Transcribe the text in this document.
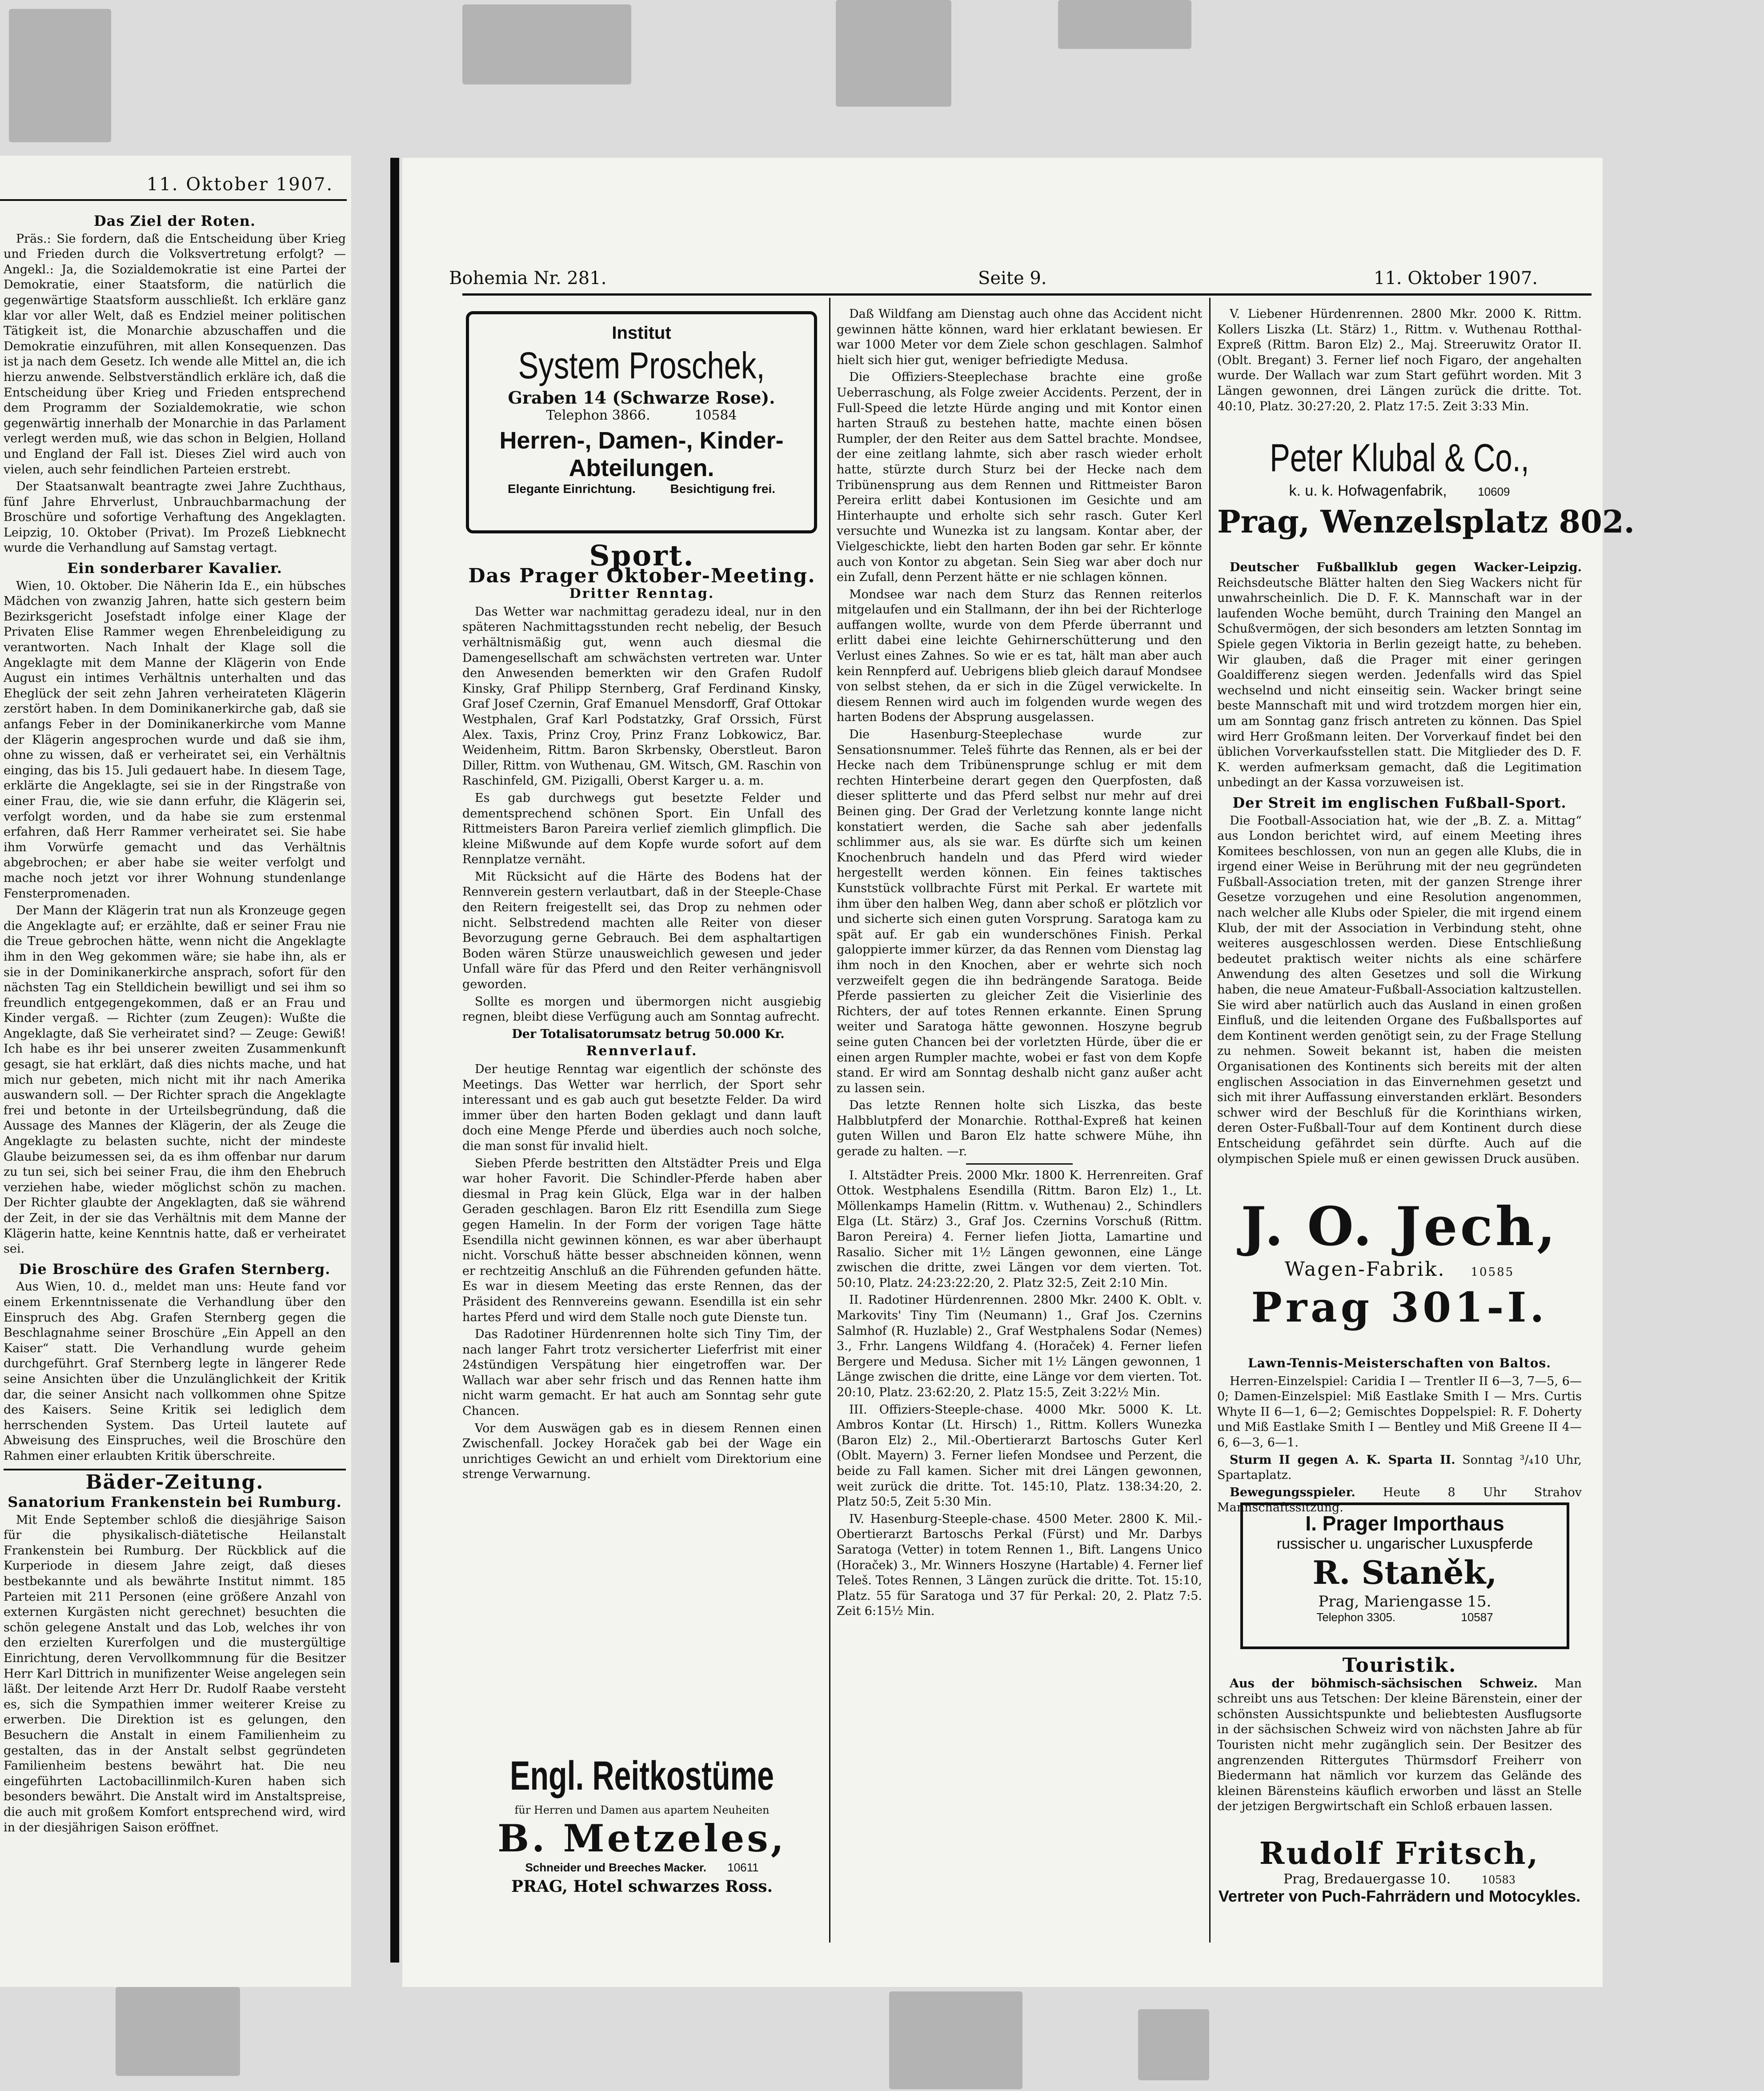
11. Oktober 1907.
Das Ziel der Roten.

Präs.: Sie fordern, daß die Entscheidung über Krieg und Frieden durch die Volksvertretung erfolgt? — Angekl.: Ja, die Sozialdemokratie ist eine Partei der Demokratie, einer Staatsform, die natürlich die gegenwärtige Staatsform ausschließt. Ich erkläre ganz klar vor aller Welt, daß es Endziel meiner politischen Tätigkeit ist, die Monarchie abzuschaffen und die Demokratie einzuführen, mit allen Konsequenzen. Das ist ja nach dem Gesetz. Ich wende alle Mittel an, die ich hierzu anwende. Selbstverständlich erkläre ich, daß die Entscheidung über Krieg und Frieden entsprechend dem Programm der Sozialdemokratie, wie schon gegenwärtig innerhalb der Monarchie in das Parlament verlegt werden muß, wie das schon in Belgien, Holland und England der Fall ist. Dieses Ziel wird auch von vielen, auch sehr feindlichen Parteien erstrebt.

Der Staatsanwalt beantragte zwei Jahre Zuchthaus, fünf Jahre Ehrverlust, Unbrauchbarmachung der Broschüre und sofortige Verhaftung des Angeklagten. Leipzig, 10. Oktober (Privat). Im Prozeß Liebknecht wurde die Verhandlung auf Samstag vertagt.

Ein sonderbarer Kavalier.

Wien, 10. Oktober. Die Näherin Ida E., ein hübsches Mädchen von zwanzig Jahren, hatte sich gestern beim Bezirksgericht Josefstadt infolge einer Klage der Privaten Elise Rammer wegen Ehrenbeleidigung zu verantworten. Nach Inhalt der Klage soll die Angeklagte mit dem Manne der Klägerin von Ende August ein intimes Verhältnis unterhalten und das Eheglück der seit zehn Jahren verheirateten Klägerin zerstört haben. In dem Dominikanerkirche gab, daß sie anfangs Feber in der Dominikanerkirche vom Manne der Klägerin angesprochen wurde und daß sie ihm, ohne zu wissen, daß er verheiratet sei, ein Verhältnis einging, das bis 15. Juli gedauert habe. In diesem Tage, erklärte die Angeklagte, sei sie in der Ringstraße von einer Frau, die, wie sie dann erfuhr, die Klägerin sei, verfolgt worden, und da habe sie zum erstenmal erfahren, daß Herr Rammer verheiratet sei. Sie habe ihm Vorwürfe gemacht und das Verhältnis abgebrochen; er aber habe sie weiter verfolgt und mache noch jetzt vor ihrer Wohnung stundenlange Fensterpromenaden.

Der Mann der Klägerin trat nun als Kronzeuge gegen die Angeklagte auf; er erzählte, daß er seiner Frau nie die Treue gebrochen hätte, wenn nicht die Angeklagte ihm in den Weg gekommen wäre; sie habe ihn, als er sie in der Dominikanerkirche ansprach, sofort für den nächsten Tag ein Stelldichein bewilligt und sei ihm so freundlich entgegengekommen, daß er an Frau und Kinder vergaß. — Richter (zum Zeugen): Wußte die Angeklagte, daß Sie verheiratet sind? — Zeuge: Gewiß! Ich habe es ihr bei unserer zweiten Zusammenkunft gesagt, sie hat erklärt, daß dies nichts mache, und hat mich nur gebeten, mich nicht mit ihr nach Amerika auswandern soll. — Der Richter sprach die Angeklagte frei und betonte in der Urteilsbegründung, daß die Aussage des Mannes der Klägerin, der als Zeuge die Angeklagte zu belasten suchte, nicht der mindeste Glaube beizumessen sei, da es ihm offenbar nur darum zu tun sei, sich bei seiner Frau, die ihm den Ehebruch verziehen habe, wieder möglichst schön zu machen. Der Richter glaubte der Angeklagten, daß sie während der Zeit, in der sie das Verhältnis mit dem Manne der Klägerin hatte, keine Kenntnis hatte, daß er verheiratet sei.

Die Broschüre des Grafen Sternberg.

Aus Wien, 10. d., meldet man uns: Heute fand vor einem Erkenntnissenate die Verhandlung über den Einspruch des Abg. Grafen Sternberg gegen die Beschlagnahme seiner Broschüre „Ein Appell an den Kaiser“ statt. Die Verhandlung wurde geheim durchgeführt. Graf Sternberg legte in längerer Rede seine Ansichten über die Unzulänglichkeit der Kritik dar, die seiner Ansicht nach vollkommen ohne Spitze des Kaisers. Seine Kritik sei lediglich dem herrschenden System. Das Urteil lautete auf Abweisung des Einspruches, weil die Broschüre den Rahmen einer erlaubten Kritik überschreite.

Bäder-Zeitung.
Sanatorium Frankenstein bei Rumburg.

Mit Ende September schloß die diesjährige Saison für die physikalisch-diätetische Heilanstalt Frankenstein bei Rumburg. Der Rückblick auf die Kurperiode in diesem Jahre zeigt, daß dieses bestbekannte und als bewährte Institut nimmt. 185 Parteien mit 211 Personen (eine größere Anzahl von externen Kurgästen nicht gerechnet) besuchten die schön gelegene Anstalt und das Lob, welches ihr von den erzielten Kurerfolgen und die mustergültige Einrichtung, deren Vervollkommnung für die Besitzer Herr Karl Dittrich in munifizenter Weise angelegen sein läßt. Der leitende Arzt Herr Dr. Rudolf Raabe versteht es, sich die Sympathien immer weiterer Kreise zu erwerben. Die Direktion ist es gelungen, den Besuchern die Anstalt in einem Familienheim zu gestalten, das in der Anstalt selbst gegründeten Familienheim bestens bewährt hat. Die neu eingeführten Lactobacillinmilch-Kuren haben sich besonders bewährt. Die Anstalt wird im Anstaltspreise, die auch mit großem Komfort entsprechend wird, wird in der diesjährigen Saison eröffnet.

Bohemia Nr. 281.	Seite 9.	11. Oktober 1907.
Institut
System Proschek,
Graben 14 (Schwarze Rose).
Telephon 3866.	10584
Herren-, Damen-, Kinder-
Abteilungen.
Elegante Einrichtung.	Besichtigung frei.
Sport.
Das Prager Oktober-Meeting.
Dritter Renntag.

Das Wetter war nachmittag geradezu ideal, nur in den späteren Nachmittagsstunden recht nebelig, der Besuch verhältnismäßig gut, wenn auch diesmal die Damengesellschaft am schwächsten vertreten war. Unter den Anwesenden bemerkten wir den Grafen Rudolf Kinsky, Graf Philipp Sternberg, Graf Ferdinand Kinsky, Graf Josef Czernin, Graf Emanuel Mensdorff, Graf Ottokar Westphalen, Graf Karl Podstatzky, Graf Orssich, Fürst Alex. Taxis, Prinz Croy, Prinz Franz Lobkowicz, Bar. Weidenheim, Rittm. Baron Skrbensky, Oberstleut. Baron Diller, Rittm. von Wuthenau, GM. Witsch, GM. Raschin von Raschinfeld, GM. Pizigalli, Oberst Karger u. a. m.

Es gab durchwegs gut besetzte Felder und dementsprechend schönen Sport. Ein Unfall des Rittmeisters Baron Pareira verlief ziemlich glimpflich. Die kleine Mißwunde auf dem Kopfe wurde sofort auf dem Rennplatze vernäht.

Mit Rücksicht auf die Härte des Bodens hat der Rennverein gestern verlautbart, daß in der Steeple-Chase den Reitern freigestellt sei, das Drop zu nehmen oder nicht. Selbstredend machten alle Reiter von dieser Bevorzugung gerne Gebrauch. Bei dem asphaltartigen Boden wären Stürze unausweichlich gewesen und jeder Unfall wäre für das Pferd und den Reiter verhängnisvoll geworden.

Sollte es morgen und übermorgen nicht ausgiebig regnen, bleibt diese Verfügung auch am Sonntag aufrecht.

Der Totalisatorumsatz betrug 50.000 Kr.

Rennverlauf.

Der heutige Renntag war eigentlich der schönste des Meetings. Das Wetter war herrlich, der Sport sehr interessant und es gab auch gut besetzte Felder. Da wird immer über den harten Boden geklagt und dann lauft doch eine Menge Pferde und überdies auch noch solche, die man sonst für invalid hielt.

Sieben Pferde bestritten den Altstädter Preis und Elga war hoher Favorit. Die Schindler-Pferde haben aber diesmal in Prag kein Glück, Elga war in der halben Geraden geschlagen. Baron Elz ritt Esendilla zum Siege gegen Hamelin. In der Form der vorigen Tage hätte Esendilla nicht gewinnen können, es war aber überhaupt nicht. Vorschuß hätte besser abschneiden können, wenn er rechtzeitig Anschluß an die Führenden gefunden hätte. Es war in diesem Meeting das erste Rennen, das der Präsident des Rennvereins gewann. Esendilla ist ein sehr hartes Pferd und wird dem Stalle noch gute Dienste tun.

Das Radotiner Hürdenrennen holte sich Tiny Tim, der nach langer Fahrt trotz versicherter Lieferfrist mit einer 24stündigen Verspätung hier eingetroffen war. Der Wallach war aber sehr frisch und das Rennen hatte ihm nicht warm gemacht. Er hat auch am Sonntag sehr gute Chancen.

Vor dem Auswägen gab es in diesem Rennen einen Zwischenfall. Jockey Horaček gab bei der Wage ein unrichtiges Gewicht an und erhielt vom Direktorium eine strenge Verwarnung.

Engl. Reitkostüme
für Herren und Damen aus apartem Neuheiten
B. Metzeles,
Schneider und Breeches Macker. 10611
PRAG, Hotel schwarzes Ross.

Daß Wildfang am Dienstag auch ohne das Accident nicht gewinnen hätte können, ward hier erklatant bewiesen. Er war 1000 Meter vor dem Ziele schon geschlagen. Salmhof hielt sich hier gut, weniger befriedigte Medusa.

Die Offiziers-Steeplechase brachte eine große Ueberraschung, als Folge zweier Accidents. Perzent, der in Full-Speed die letzte Hürde anging und mit Kontor einen harten Strauß zu bestehen hatte, machte einen bösen Rumpler, der den Reiter aus dem Sattel brachte. Mondsee, der eine zeitlang lahmte, sich aber rasch wieder erholt hatte, stürzte durch Sturz bei der Hecke nach dem Tribünensprung aus dem Rennen und Rittmeister Baron Pereira erlitt dabei Kontusionen im Gesichte und am Hinterhaupte und erholte sich sehr rasch. Guter Kerl versuchte und Wunezka ist zu langsam. Kontar aber, der Vielgeschickte, liebt den harten Boden gar sehr. Er könnte auch von Kontor zu abgetan. Sein Sieg war aber doch nur ein Zufall, denn Perzent hätte er nie schlagen können.

Mondsee war nach dem Sturz das Rennen reiterlos mitgelaufen und ein Stallmann, der ihn bei der Richterloge auffangen wollte, wurde von dem Pferde überrannt und erlitt dabei eine leichte Gehirnerschütterung und den Verlust eines Zahnes. So wie er es tat, hält man aber auch kein Rennpferd auf. Uebrigens blieb gleich darauf Mondsee von selbst stehen, da er sich in die Zügel verwickelte. In diesem Rennen wird auch im folgenden wurde wegen des harten Bodens der Absprung ausgelassen.

Die Hasenburg-Steeplechase wurde zur Sensationsnummer. Teleš führte das Rennen, als er bei der Hecke nach dem Tribünensprunge schlug er mit dem rechten Hinterbeine derart gegen den Querpfosten, daß dieser splitterte und das Pferd selbst nur mehr auf drei Beinen ging. Der Grad der Verletzung konnte lange nicht konstatiert werden, die Sache sah aber jedenfalls schlimmer aus, als sie war. Es dürfte sich um keinen Knochenbruch handeln und das Pferd wird wieder hergestellt werden können. Ein feines taktisches Kunststück vollbrachte Fürst mit Perkal. Er wartete mit ihm über den halben Weg, dann aber schoß er plötzlich vor und sicherte sich einen guten Vorsprung. Saratoga kam zu spät auf. Er gab ein wunderschönes Finish. Perkal galoppierte immer kürzer, da das Rennen vom Dienstag lag ihm noch in den Knochen, aber er wehrte sich noch verzweifelt gegen die ihn bedrängende Saratoga. Beide Pferde passierten zu gleicher Zeit die Visierlinie des Richters, der auf totes Rennen erkannte. Einen Sprung weiter und Saratoga hätte gewonnen. Hoszyne begrub seine guten Chancen bei der vorletzten Hürde, über die er einen argen Rumpler machte, wobei er fast von dem Kopfe stand. Er wird am Sonntag deshalb nicht ganz außer acht zu lassen sein.

Das letzte Rennen holte sich Liszka, das beste Halbblutpferd der Monarchie. Rotthal-Expreß hat keinen guten Willen und Baron Elz hatte schwere Mühe, ihn gerade zu halten. —r.

I. Altstädter Preis. 2000 Mkr. 1800 K. Herrenreiten. Graf Ottok. Westphalens Esendilla (Rittm. Baron Elz) 1., Lt. Möllenkamps Hamelin (Rittm. v. Wuthenau) 2., Schindlers Elga (Lt. Stärz) 3., Graf Jos. Czernins Vorschuß (Rittm. Baron Pereira) 4. Ferner liefen Jiotta, Lamartine und Rasalio. Sicher mit 1½ Längen gewonnen, eine Länge zwischen die dritte, zwei Längen vor dem vierten. Tot. 50:10, Platz. 24:23:22:20, 2. Platz 32:5, Zeit 2:10 Min.

II. Radotiner Hürdenrennen. 2800 Mkr. 2400 K. Oblt. v. Markovits' Tiny Tim (Neumann) 1., Graf Jos. Czernins Salmhof (R. Huzlable) 2., Graf Westphalens Sodar (Nemes) 3., Frhr. Langens Wildfang 4. (Horaček) 4. Ferner liefen Bergere und Medusa. Sicher mit 1½ Längen gewonnen, 1 Länge zwischen die dritte, eine Länge vor dem vierten. Tot. 20:10, Platz. 23:62:20, 2. Platz 15:5, Zeit 3:22½ Min.

III. Offiziers-Steeple-chase. 4000 Mkr. 5000 K. Lt. Ambros Kontar (Lt. Hirsch) 1., Rittm. Kollers Wunezka (Baron Elz) 2., Mil.-Obertierarzt Bartoschs Guter Kerl (Oblt. Mayern) 3. Ferner liefen Mondsee und Perzent, die beide zu Fall kamen. Sicher mit drei Längen gewonnen, weit zurück die dritte. Tot. 145:10, Platz. 138:34:20, 2. Platz 50:5, Zeit 5:30 Min.

IV. Hasenburg-Steeple-chase. 4500 Meter. 2800 K. Mil.-Obertierarzt Bartoschs Perkal (Fürst) und Mr. Darbys Saratoga (Vetter) in totem Rennen 1., Bift. Langens Unico (Horaček) 3., Mr. Winners Hoszyne (Hartable) 4. Ferner lief Teleš. Totes Rennen, 3 Längen zurück die dritte. Tot. 15:10, Platz. 55 für Saratoga und 37 für Perkal: 20, 2. Platz 7:5. Zeit 6:15½ Min.

V. Liebener Hürdenrennen. 2800 Mkr. 2000 K. Rittm. Kollers Liszka (Lt. Stärz) 1., Rittm. v. Wuthenau Rotthal-Expreß (Rittm. Baron Elz) 2., Maj. Streeruwitz Orator II. (Oblt. Bregant) 3. Ferner lief noch Figaro, der angehalten wurde. Der Wallach war zum Start geführt worden. Mit 3 Längen gewonnen, drei Längen zurück die dritte. Tot. 40:10, Platz. 30:27:20, 2. Platz 17:5. Zeit 3:33 Min.

Peter Klubal & Co.,
k. u. k. Hofwagenfabrik,	10609
Prag, Wenzelsplatz 802.

Deutscher Fußballklub gegen Wacker-Leipzig. Reichsdeutsche Blätter halten den Sieg Wackers nicht für unwahrscheinlich. Die D. F. K. Mannschaft war in der laufenden Woche bemüht, durch Training den Mangel an Schußvermögen, der sich besonders am letzten Sonntag im Spiele gegen Viktoria in Berlin gezeigt hatte, zu beheben. Wir glauben, daß die Prager mit einer geringen Goaldifferenz siegen werden. Jedenfalls wird das Spiel wechselnd und nicht einseitig sein. Wacker bringt seine beste Mannschaft mit und wird trotzdem morgen hier ein, um am Sonntag ganz frisch antreten zu können. Das Spiel wird Herr Großmann leiten. Der Vorverkauf findet bei den üblichen Vorverkaufsstellen statt. Die Mitglieder des D. F. K. werden aufmerksam gemacht, daß die Legitimation unbedingt an der Kassa vorzuweisen ist.

Der Streit im englischen Fußball-Sport.

Die Football-Association hat, wie der „B. Z. a. Mittag“ aus London berichtet wird, auf einem Meeting ihres Komitees beschlossen, von nun an gegen alle Klubs, die in irgend einer Weise in Berührung mit der neu gegründeten Fußball-Association treten, mit der ganzen Strenge ihrer Gesetze vorzugehen und eine Resolution angenommen, nach welcher alle Klubs oder Spieler, die mit irgend einem Klub, der mit der Association in Verbindung steht, ohne weiteres ausgeschlossen werden. Diese Entschließung bedeutet praktisch weiter nichts als eine schärfere Anwendung des alten Gesetzes und soll die Wirkung haben, die neue Amateur-Fußball-Association kaltzustellen. Sie wird aber natürlich auch das Ausland in einen großen Einfluß, und die leitenden Organe des Fußballsportes auf dem Kontinent werden genötigt sein, zu der Frage Stellung zu nehmen. Soweit bekannt ist, haben die meisten Organisationen des Kontinents sich bereits mit der alten englischen Association in das Einvernehmen gesetzt und sich mit ihrer Auffassung einverstanden erklärt. Besonders schwer wird der Beschluß für die Korinthians wirken, deren Oster-Fußball-Tour auf dem Kontinent durch diese Entscheidung gefährdet sein dürfte. Auch auf die olympischen Spiele muß er einen gewissen Druck ausüben.

J. O. Jech,
Wagen-Fabrik. 10585
Prag 301-I.
Lawn-Tennis-Meisterschaften von Baltos.

Herren-Einzelspiel: Caridia I — Trentler II 6—3, 7—5, 6—0; Damen-Einzelspiel: Miß Eastlake Smith I — Mrs. Curtis Whyte II 6—1, 6—2; Gemischtes Doppelspiel: R. F. Doherty und Miß Eastlake Smith I — Bentley und Miß Greene II 4—6, 6—3, 6—1.

Sturm II gegen A. K. Sparta II. Sonntag ³/₄10 Uhr, Spartaplatz.

Bewegungsspieler. Heute 8 Uhr Strahov Mannschaftssitzung.

I. Prager Importhaus
russischer u. ungarischer Luxuspferde
R. Staněk,
Prag, Mariengasse 15.
Telephon 3305.	10587
Touristik.

Aus der böhmisch-sächsischen Schweiz. Man schreibt uns aus Tetschen: Der kleine Bärenstein, einer der schönsten Aussichtspunkte und beliebtesten Ausflugsorte in der sächsischen Schweiz wird von nächsten Jahre ab für Touristen nicht mehr zugänglich sein. Der Besitzer des angrenzenden Rittergutes Thürmsdorf Freiherr von Biedermann hat nämlich vor kurzem das Gelände des kleinen Bärensteins käuflich erworben und lässt an Stelle der jetzigen Bergwirtschaft ein Schloß erbauen lassen.

Rudolf Fritsch,
Prag, Bredauergasse 10.	10583
Vertreter von Puch-Fahrrädern und Motocykles.
